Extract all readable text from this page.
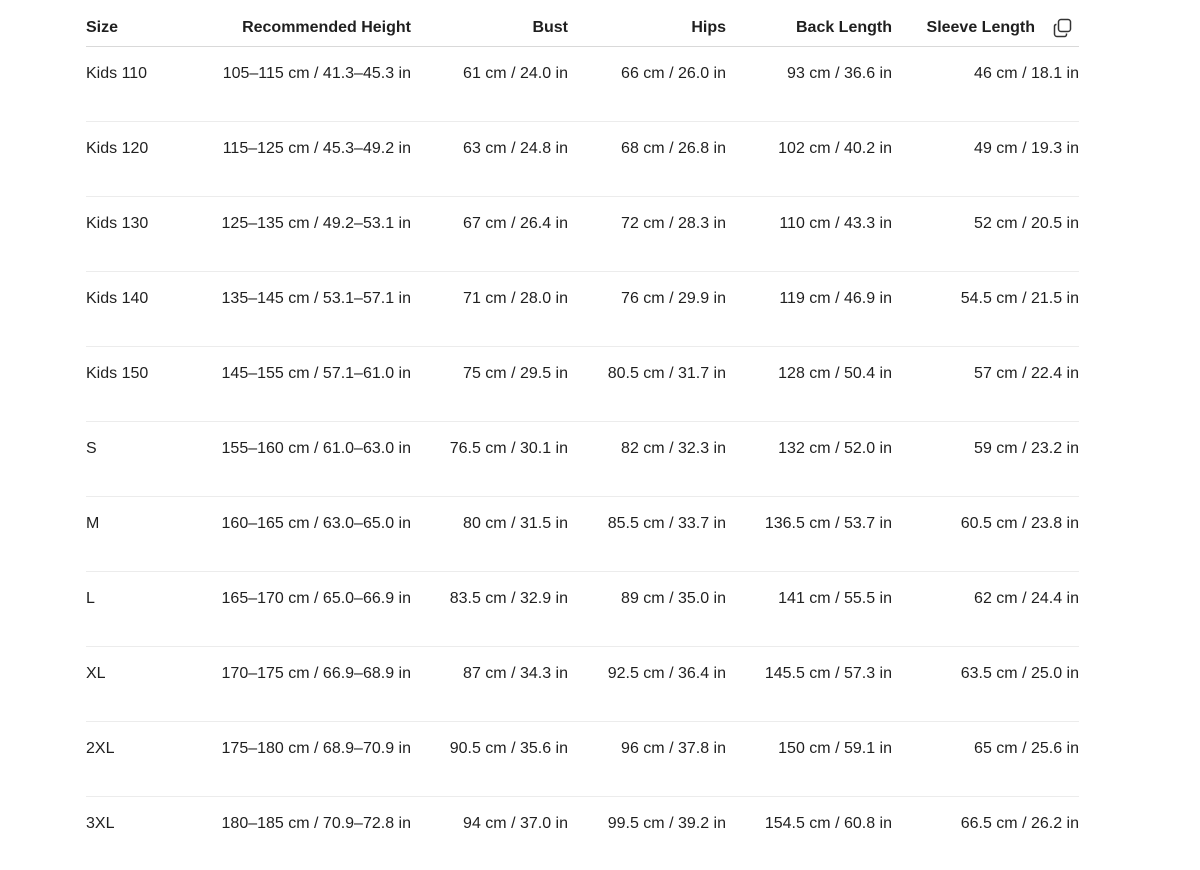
Size	Recommended Height	Bust	Hips	Back Length	Sleeve Length
Kids 110	105–115 cm / 41.3–45.3 in	61 cm / 24.0 in	66 cm / 26.0 in	93 cm / 36.6 in	46 cm / 18.1 in
Kids 120	115–125 cm / 45.3–49.2 in	63 cm / 24.8 in	68 cm / 26.8 in	102 cm / 40.2 in	49 cm / 19.3 in
Kids 130	125–135 cm / 49.2–53.1 in	67 cm / 26.4 in	72 cm / 28.3 in	110 cm / 43.3 in	52 cm / 20.5 in
Kids 140	135–145 cm / 53.1–57.1 in	71 cm / 28.0 in	76 cm / 29.9 in	119 cm / 46.9 in	54.5 cm / 21.5 in
Kids 150	145–155 cm / 57.1–61.0 in	75 cm / 29.5 in	80.5 cm / 31.7 in	128 cm / 50.4 in	57 cm / 22.4 in
S	155–160 cm / 61.0–63.0 in	76.5 cm / 30.1 in	82 cm / 32.3 in	132 cm / 52.0 in	59 cm / 23.2 in
M	160–165 cm / 63.0–65.0 in	80 cm / 31.5 in	85.5 cm / 33.7 in	136.5 cm / 53.7 in	60.5 cm / 23.8 in
L	165–170 cm / 65.0–66.9 in	83.5 cm / 32.9 in	89 cm / 35.0 in	141 cm / 55.5 in	62 cm / 24.4 in
XL	170–175 cm / 66.9–68.9 in	87 cm / 34.3 in	92.5 cm / 36.4 in	145.5 cm / 57.3 in	63.5 cm / 25.0 in
2XL	175–180 cm / 68.9–70.9 in	90.5 cm / 35.6 in	96 cm / 37.8 in	150 cm / 59.1 in	65 cm / 25.6 in
3XL	180–185 cm / 70.9–72.8 in	94 cm / 37.0 in	99.5 cm / 39.2 in	154.5 cm / 60.8 in	66.5 cm / 26.2 in
